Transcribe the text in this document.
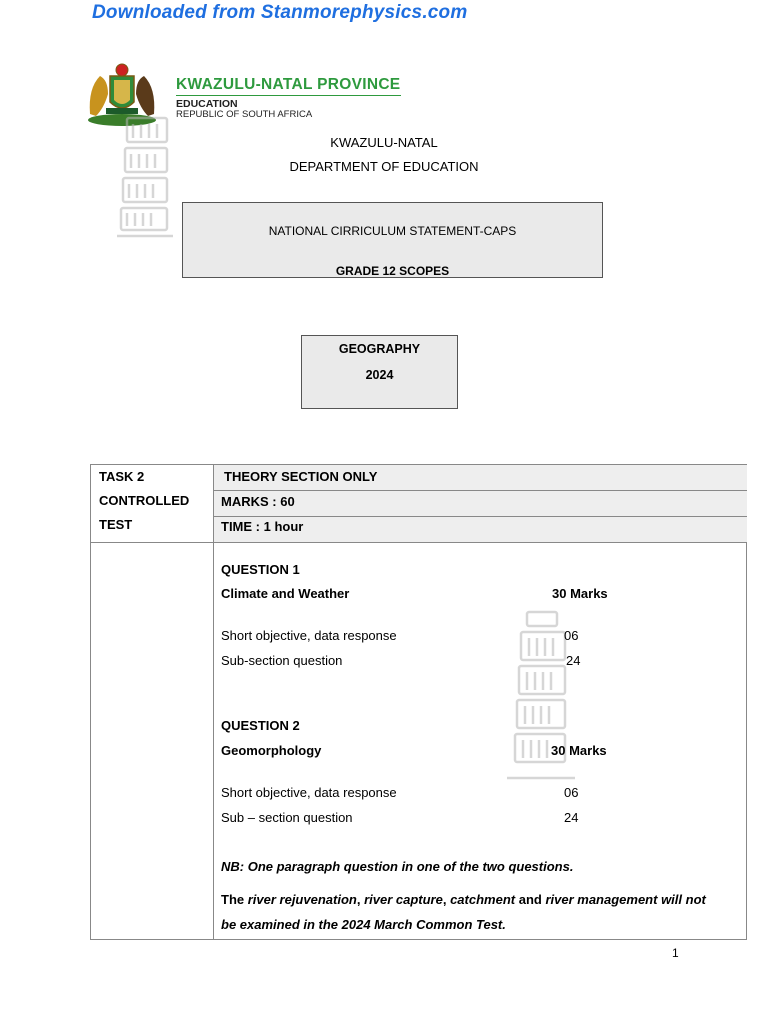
Downloaded from Stanmorephysics.com
KWAZULU-NATAL PROVINCE
EDUCATION
REPUBLIC OF SOUTH AFRICA
KWAZULU-NATAL
DEPARTMENT OF EDUCATION
NATIONAL CIRRICULUM STATEMENT-CAPS
GRADE 12 SCOPES
GEOGRAPHY
2024
TASK 2
CONTROLLED
TEST
THEORY SECTION ONLY
MARKS : 60
TIME : 1 hour
QUESTION 1
Climate and Weather	30 Marks
Short objective, data response	06
Sub-section question	24
QUESTION 2
Geomorphology	30 Marks
Short objective, data response	06
Sub – section question	24
NB: One paragraph question in one of the two questions.
The river rejuvenation, river capture, catchment and river management will not
be examined in the 2024 March Common Test.
1
